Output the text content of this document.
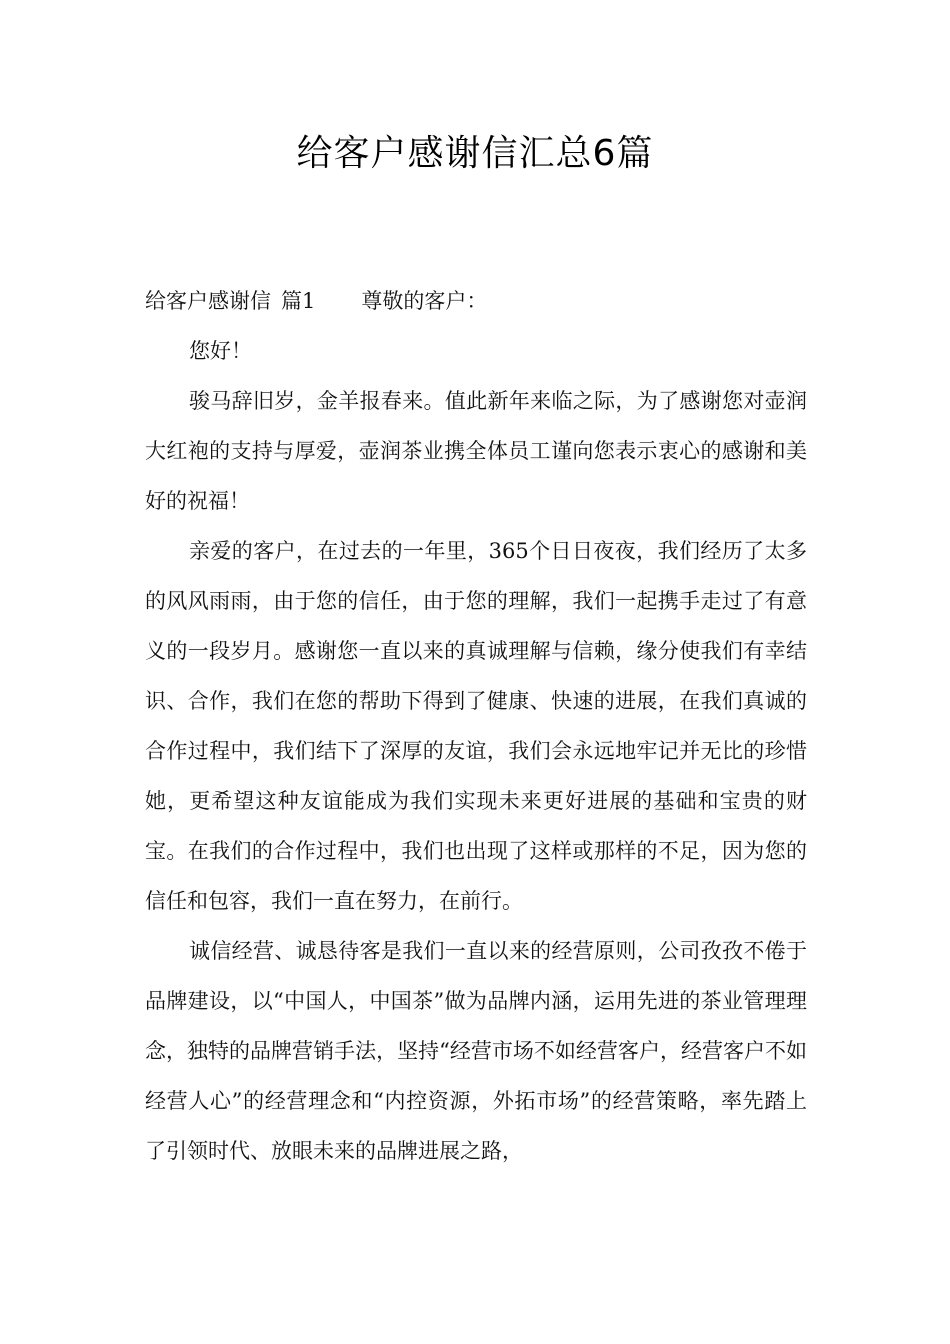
给客户感谢信汇总6篇

给客户感谢信 篇1 尊敬的客户：

您好！

骏马辞旧岁，金羊报春来。值此新年来临之际，为了感谢您对壶润大红袍的支持与厚爱，壶润茶业携全体员工谨向您表示衷心的感谢和美好的祝福！

亲爱的客户，在过去的一年里，365个日日夜夜，我们经历了太多的风风雨雨，由于您的信任，由于您的理解，我们一起携手走过了有意义的一段岁月。感谢您一直以来的真诚理解与信赖，缘分使我们有幸结识、合作，我们在您的帮助下得到了健康、快速的进展，在我们真诚的合作过程中，我们结下了深厚的友谊，我们会永远地牢记并无比的珍惜她，更希望这种友谊能成为我们实现未来更好进展的基础和宝贵的财宝。在我们的合作过程中，我们也出现了这样或那样的不足，因为您的信任和包容，我们一直在努力，在前行。

诚信经营、诚恳待客是我们一直以来的经营原则，公司孜孜不倦于品牌建设，以“中国人，中国茶”做为品牌内涵，运用先进的茶业管理理念，独特的品牌营销手法，坚持“经营市场不如经营客户，经营客户不如经营人心”的经营理念和“内控资源，外拓市场”的经营策略，率先踏上了引领时代、放眼未来的品牌进展之路，
